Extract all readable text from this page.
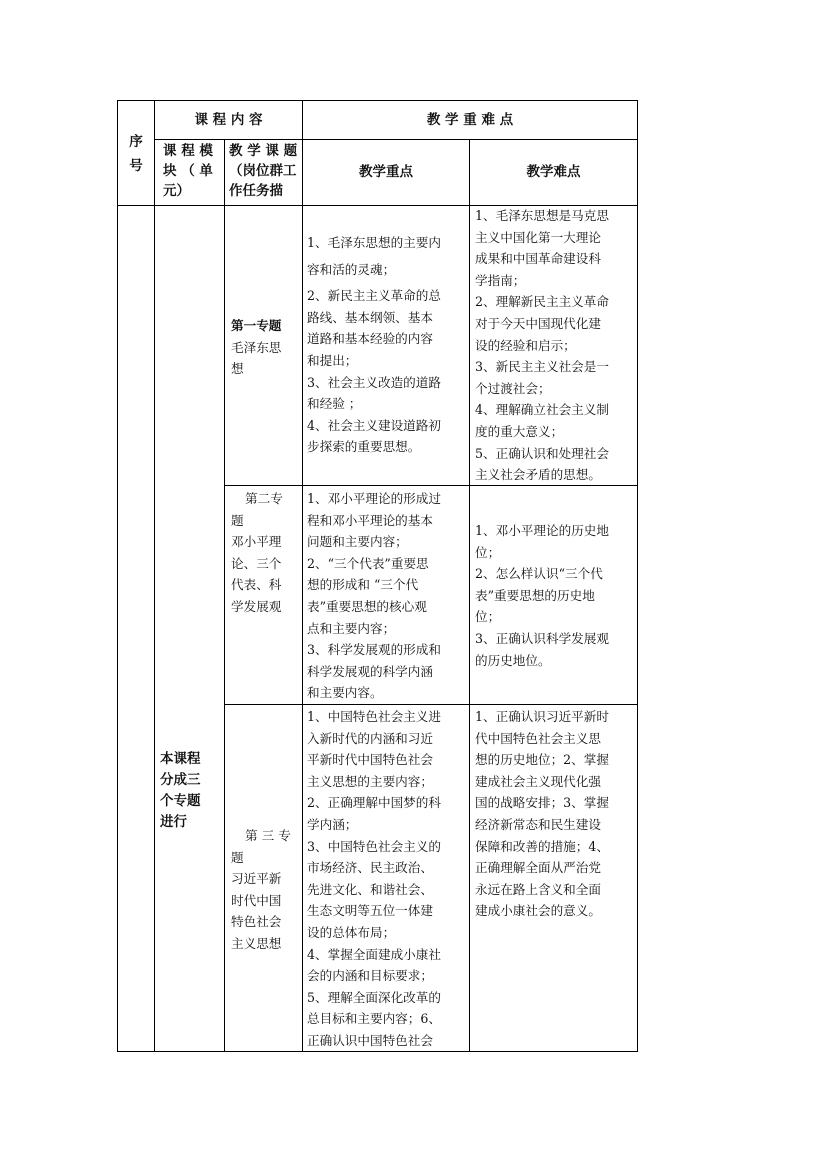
序
号
课 程 内 容	教 学 重 难 点
课 程 模
块 （ 单
元）
教 学 课 题
（岗位群工
作任务描
教学重点	教学难点
本课程
分成三
个专题
进行
第一专题
毛泽东思
想
1、毛泽东思想的主要内
容和活的灵魂；
2、新民主主义革命的总
路线、基本纲领、基本
道路和基本经验的内容
和提出；
3、社会主义改造的道路
和经验 ；
4、社会主义建设道路初
步探索的重要思想。
1、毛泽东思想是马克思
主义中国化第一大理论
成果和中国革命建设科
学指南；
2、理解新民主主义革命
对于今天中国现代化建
设的经验和启示；
3、新民主主义社会是一
个过渡社会；
4、理解确立社会主义制
度的重大意义；
5、正确认识和处理社会
主义社会矛盾的思想。
第二专
题
邓小平理
论、三个
代表、科
学发展观
1、邓小平理论的形成过
程和邓小平理论的基本
问题和主要内容；
2、“三个代表”重要思
想的形成和 “三个代
表”重要思想的核心观
点和主要内容；
3、科学发展观的形成和
科学发展观的科学内涵
和主要内容。
1、邓小平理论的历史地
位；
2、怎么样认识“三个代
表”重要思想的历史地
位；
3、正确认识科学发展观
的历史地位。
第 三 专
题
习近平新
时代中国
特色社会
主义思想
1、中国特色社会主义进
入新时代的内涵和习近
平新时代中国特色社会
主义思想的主要内容；
2、正确理解中国梦的科
学内涵；
3、中国特色社会主义的
市场经济、民主政治、
先进文化、和谐社会、
生态文明等五位一体建
设的总体布局；
4、掌握全面建成小康社
会的内涵和目标要求；
5、理解全面深化改革的
总目标和主要内容；6、
正确认识中国特色社会
1、正确认识习近平新时
代中国特色社会主义思
想的历史地位；2、掌握
建成社会主义现代化强
国的战略安排；3、掌握
经济新常态和民生建设
保障和改善的措施；4、
正确理解全面从严治党
永远在路上含义和全面
建成小康社会的意义。
